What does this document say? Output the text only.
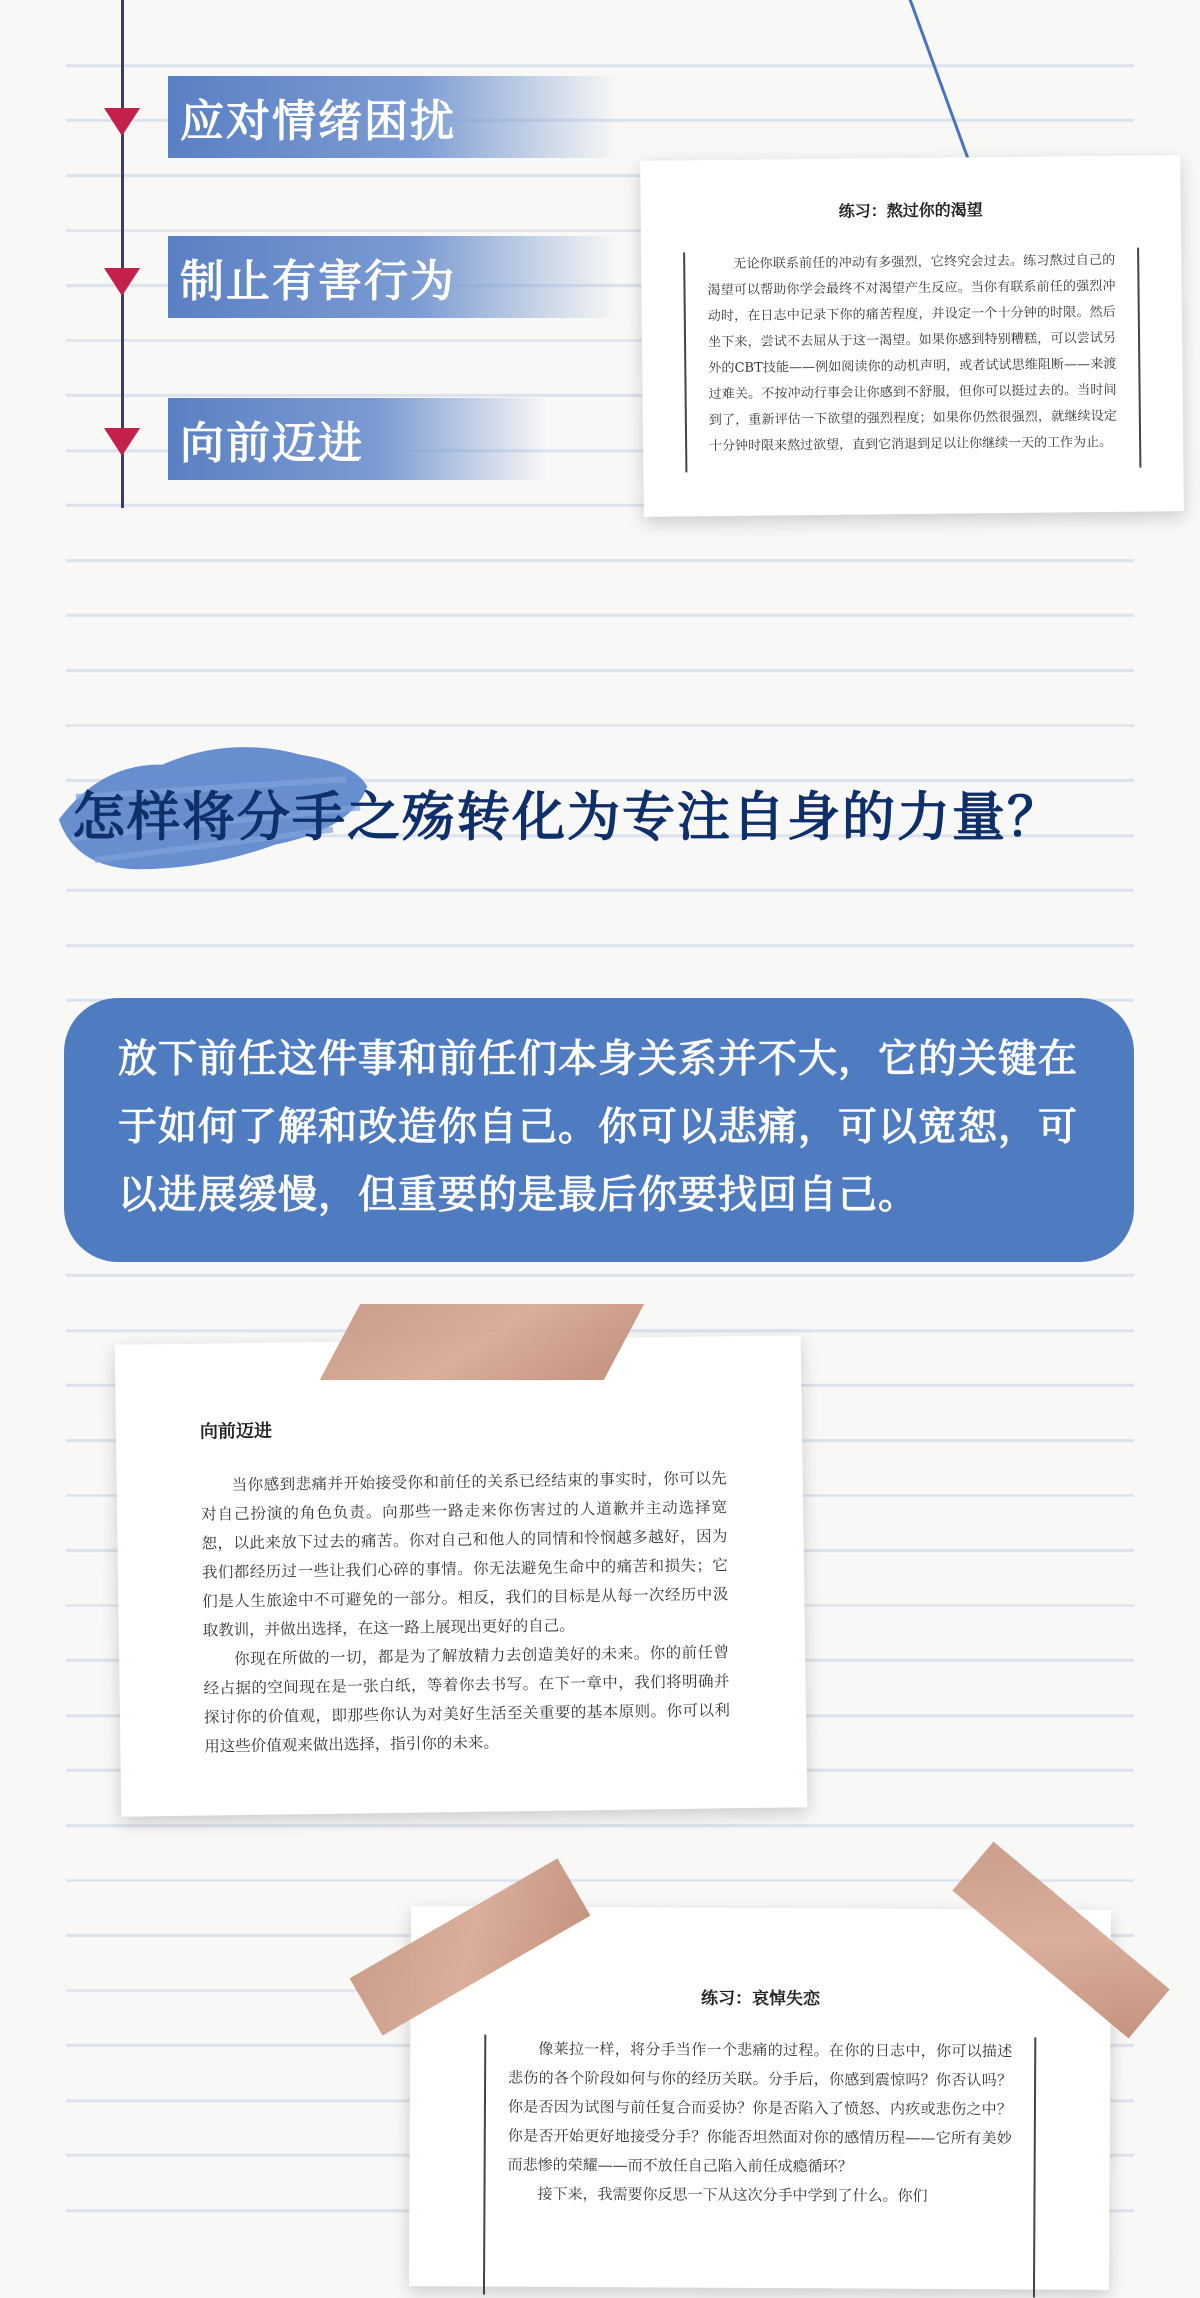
应对情绪困扰
制止有害行为
向前迈进
练习：熬过你的渴望
无论你联系前任的冲动有多强烈，它终究会过去。练习熬过自己的渴望可以帮助你学会最终不对渴望产生反应。当你有联系前任的强烈冲动时，在日志中记录下你的痛苦程度，并设定一个十分钟的时限。然后坐下来，尝试不去屈从于这一渴望。如果你感到特别糟糕，可以尝试另外的CBT技能——例如阅读你的动机声明，或者试试思维阻断——来渡过难关。不按冲动行事会让你感到不舒服，但你可以挺过去的。当时间到了，重新评估一下欲望的强烈程度；如果你仍然很强烈，就继续设定十分钟时限来熬过欲望，直到它消退到足以让你继续一天的工作为止。
怎样将分手之殇转化为专注自身的力量？

放下前任这件事和前任们本身关系并不大，它的关键在于如何了解和改造你自己。你可以悲痛，可以宽恕，可以进展缓慢，但重要的是最后你要找回自己。

向前迈进

当你感到悲痛并开始接受你和前任的关系已经结束的事实时，你可以先对自己扮演的角色负责。向那些一路走来你伤害过的人道歉并主动选择宽恕，以此来放下过去的痛苦。你对自己和他人的同情和怜悯越多越好，因为我们都经历过一些让我们心碎的事情。你无法避免生命中的痛苦和损失；它们是人生旅途中不可避免的一部分。相反，我们的目标是从每一次经历中汲取教训，并做出选择，在这一路上展现出更好的自己。

你现在所做的一切，都是为了解放精力去创造美好的未来。你的前任曾经占据的空间现在是一张白纸，等着你去书写。在下一章中，我们将明确并探讨你的价值观，即那些你认为对美好生活至关重要的基本原则。你可以利用这些价值观来做出选择，指引你的未来。

练习：哀悼失恋

像莱拉一样，将分手当作一个悲痛的过程。在你的日志中，你可以描述悲伤的各个阶段如何与你的经历关联。分手后，你感到震惊吗？你否认吗？你是否因为试图与前任复合而妥协？你是否陷入了愤怒、内疚或悲伤之中？你是否开始更好地接受分手？你能否坦然面对你的感情历程——它所有美妙而悲惨的荣耀——而不放任自己陷入前任成瘾循环？

接下来，我需要你反思一下从这次分手中学到了什么。你们
